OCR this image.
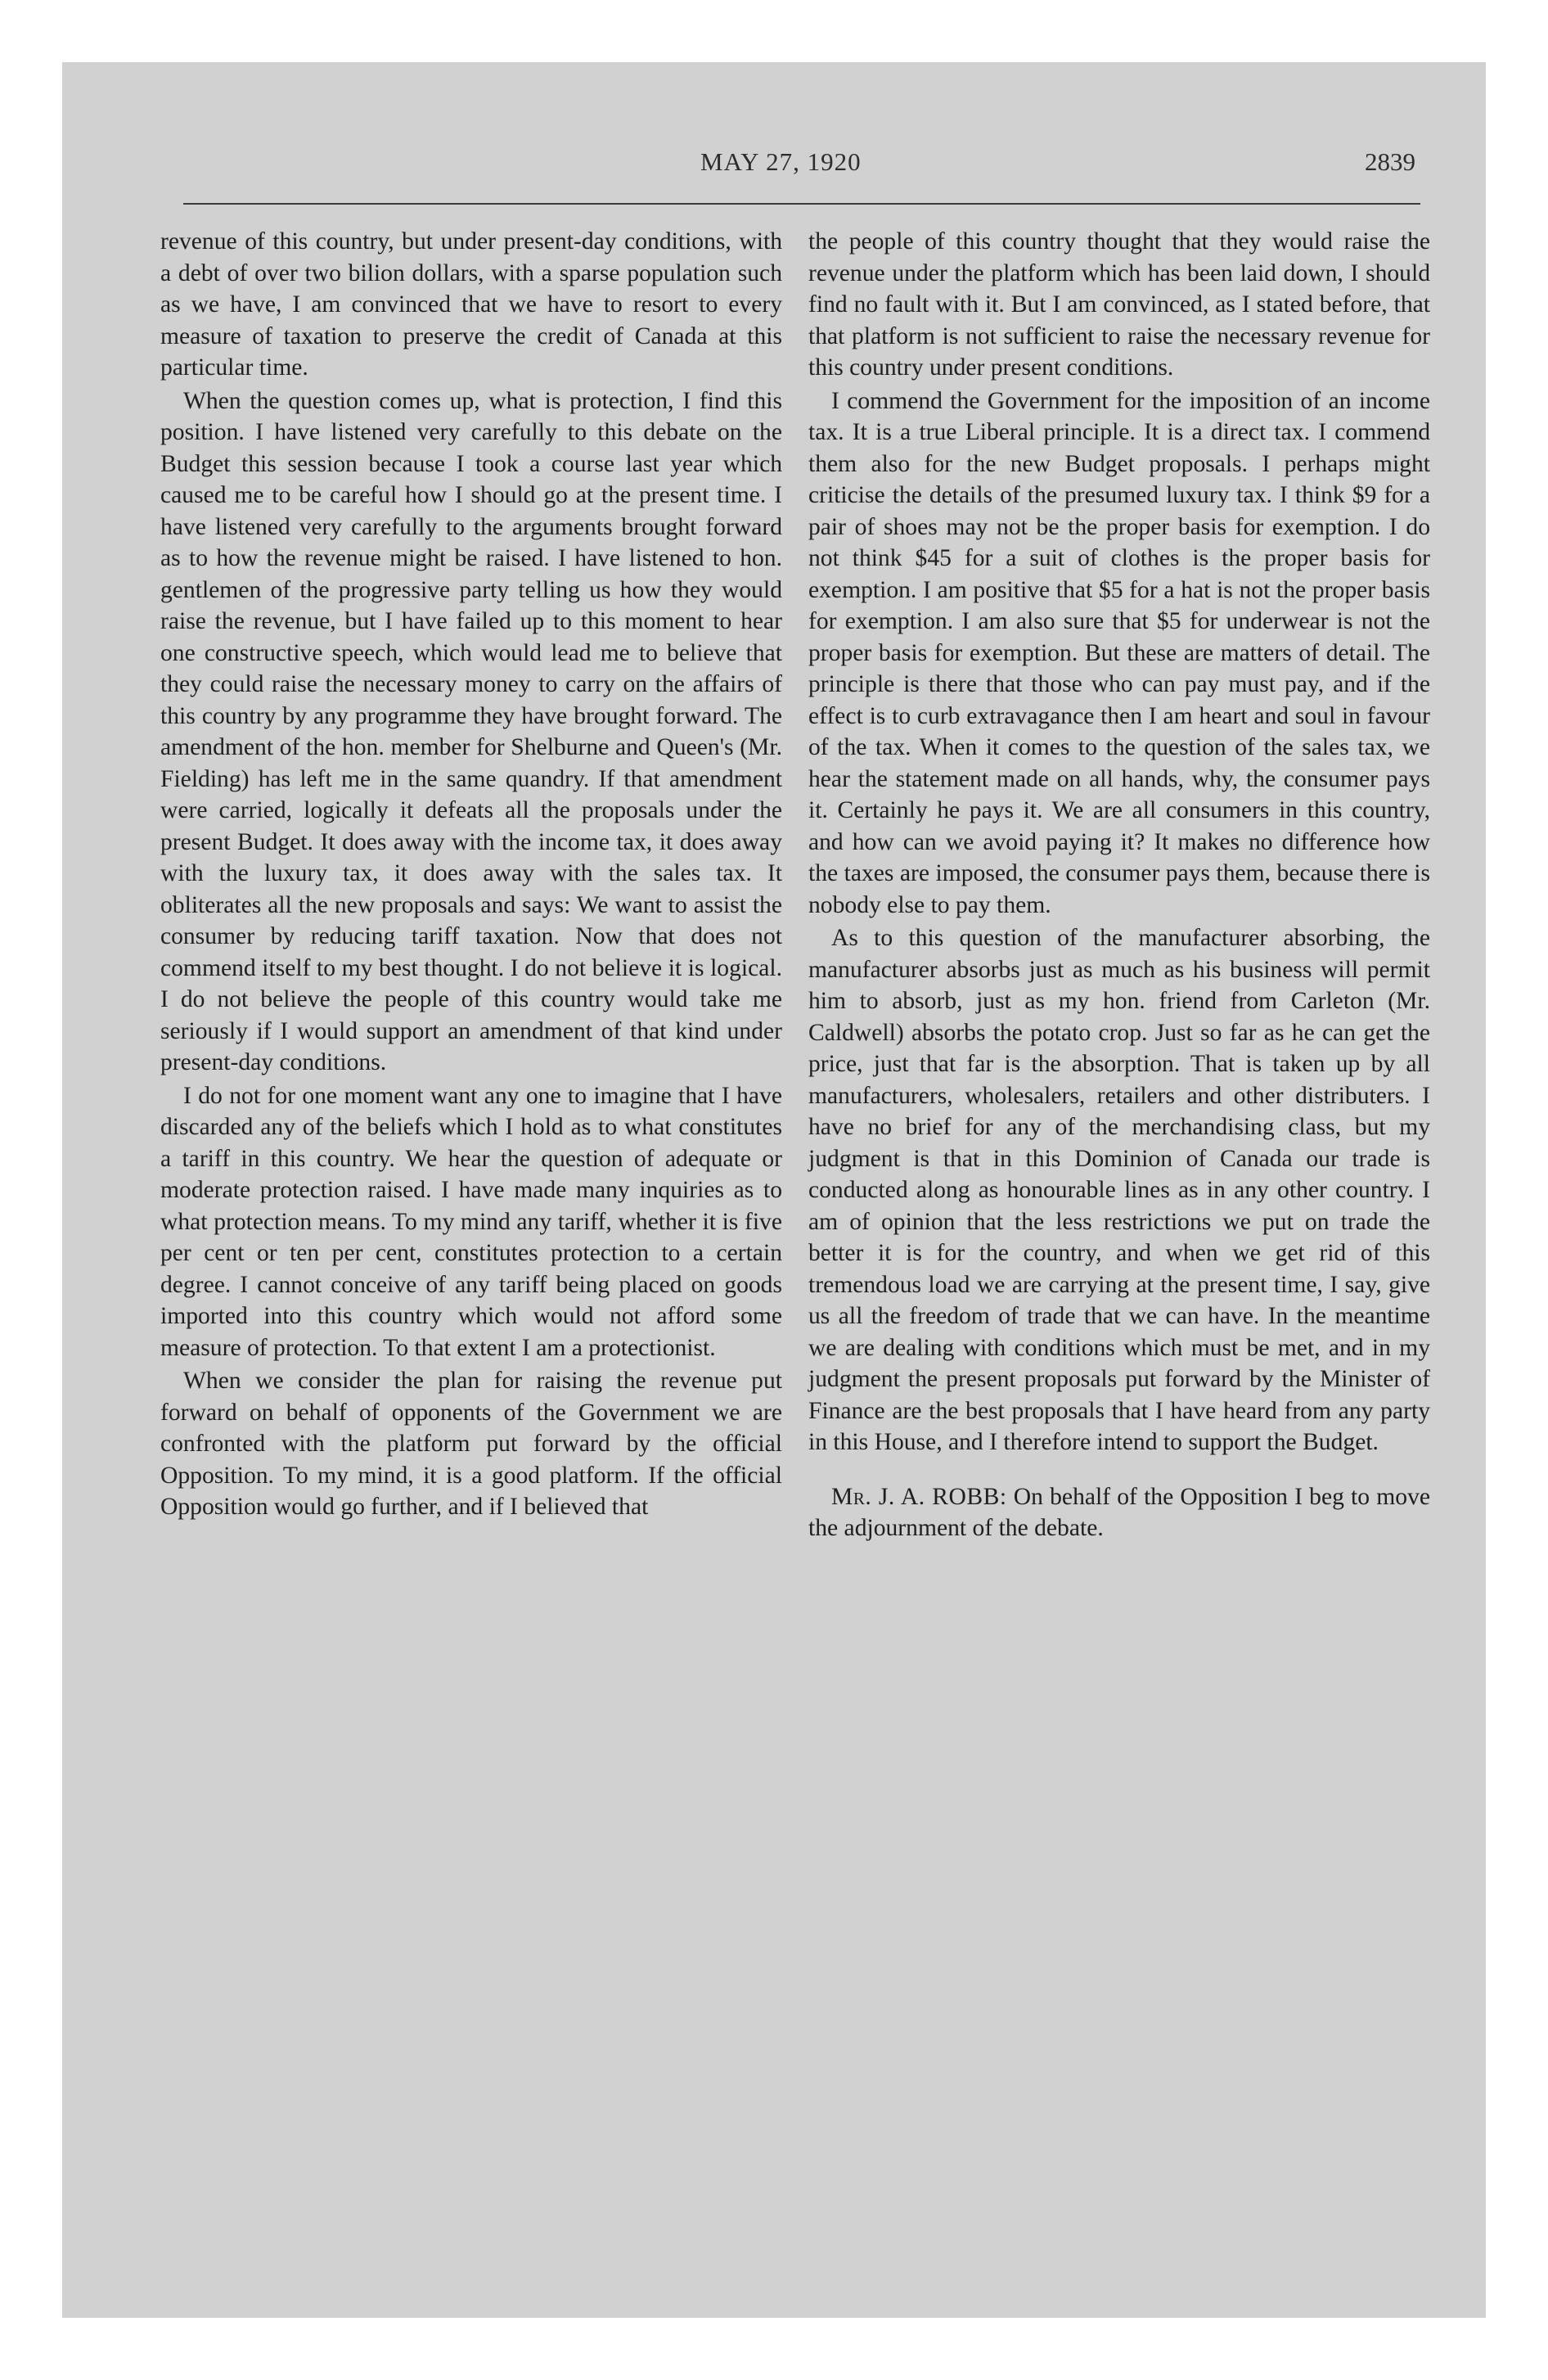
MAY 27, 1920	2839

revenue of this country, but under present-day conditions, with a debt of over two bilion dollars, with a sparse population such as we have, I am convinced that we have to resort to every measure of taxation to preserve the credit of Canada at this particular time.

When the question comes up, what is protection, I find this position. I have listened very carefully to this debate on the Budget this session because I took a course last year which caused me to be careful how I should go at the present time. I have listened very carefully to the arguments brought forward as to how the revenue might be raised. I have listened to hon. gentlemen of the progressive party telling us how they would raise the revenue, but I have failed up to this moment to hear one constructive speech, which would lead me to believe that they could raise the necessary money to carry on the affairs of this country by any programme they have brought forward. The amendment of the hon. member for Shelburne and Queen's (Mr. Fielding) has left me in the same quandry. If that amendment were carried, logically it defeats all the proposals under the present Budget. It does away with the income tax, it does away with the luxury tax, it does away with the sales tax. It obliterates all the new proposals and says: We want to assist the consumer by reducing tariff taxation. Now that does not commend itself to my best thought. I do not believe it is logical. I do not believe the people of this country would take me seriously if I would support an amendment of that kind under present-day conditions.

I do not for one moment want any one to imagine that I have discarded any of the beliefs which I hold as to what constitutes a tariff in this country. We hear the question of adequate or moderate protection raised. I have made many inquiries as to what protection means. To my mind any tariff, whether it is five per cent or ten per cent, constitutes protection to a certain degree. I cannot conceive of any tariff being placed on goods imported into this country which would not afford some measure of protection. To that extent I am a protectionist.

When we consider the plan for raising the revenue put forward on behalf of opponents of the Government we are confronted with the platform put forward by the official Opposition. To my mind, it is a good platform. If the official Opposition would go further, and if I believed that

the people of this country thought that they would raise the revenue under the platform which has been laid down, I should find no fault with it. But I am convinced, as I stated before, that that platform is not sufficient to raise the necessary revenue for this country under present conditions.

I commend the Government for the imposition of an income tax. It is a true Liberal principle. It is a direct tax. I commend them also for the new Budget proposals. I perhaps might criticise the details of the presumed luxury tax. I think $9 for a pair of shoes may not be the proper basis for exemption. I do not think $45 for a suit of clothes is the proper basis for exemption. I am positive that $5 for a hat is not the proper basis for exemption. I am also sure that $5 for underwear is not the proper basis for exemption. But these are matters of detail. The principle is there that those who can pay must pay, and if the effect is to curb extravagance then I am heart and soul in favour of the tax. When it comes to the question of the sales tax, we hear the statement made on all hands, why, the consumer pays it. Certainly he pays it. We are all consumers in this country, and how can we avoid paying it? It makes no difference how the taxes are imposed, the consumer pays them, because there is nobody else to pay them.

As to this question of the manufacturer absorbing, the manufacturer absorbs just as much as his business will permit him to absorb, just as my hon. friend from Carleton (Mr. Caldwell) absorbs the potato crop. Just so far as he can get the price, just that far is the absorption. That is taken up by all manufacturers, wholesalers, retailers and other distributers. I have no brief for any of the merchandising class, but my judgment is that in this Dominion of Canada our trade is conducted along as honourable lines as in any other country. I am of opinion that the less restrictions we put on trade the better it is for the country, and when we get rid of this tremendous load we are carrying at the present time, I say, give us all the freedom of trade that we can have. In the meantime we are dealing with conditions which must be met, and in my judgment the present proposals put forward by the Minister of Finance are the best proposals that I have heard from any party in this House, and I therefore intend to support the Budget.

Mr. J. A. ROBB: On behalf of the Opposition I beg to move the adjournment of the debate.
